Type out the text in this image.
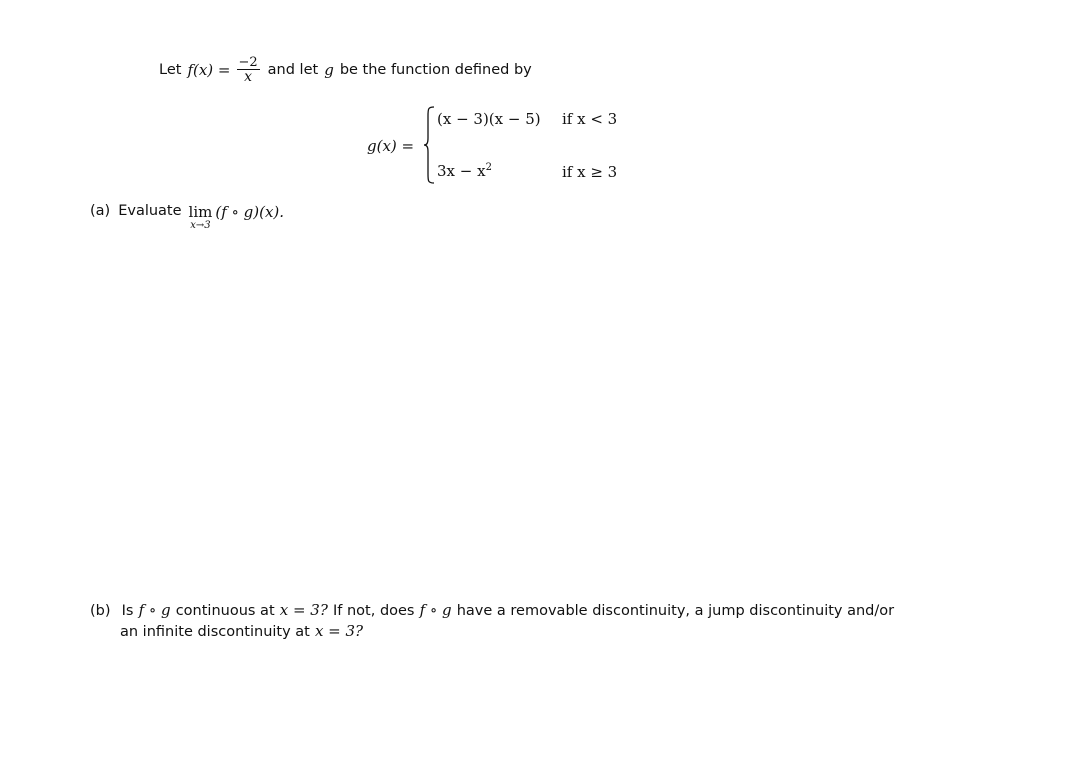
Let $f(x) = \frac{-2}{x}$ and let g be the function defined by
g(x) =
(x − 3)(x − 5) if x < 3
$3x - x^2$	if x ≥ 3
(a) Evaluate lim
x→3
(f ∘ g)(x).
(b) Is f ∘ g continuous at x = 3? If not, does f ∘ g have a removable discontinuity, a jump discontinuity and/or
an infinite discontinuity at x = 3?
